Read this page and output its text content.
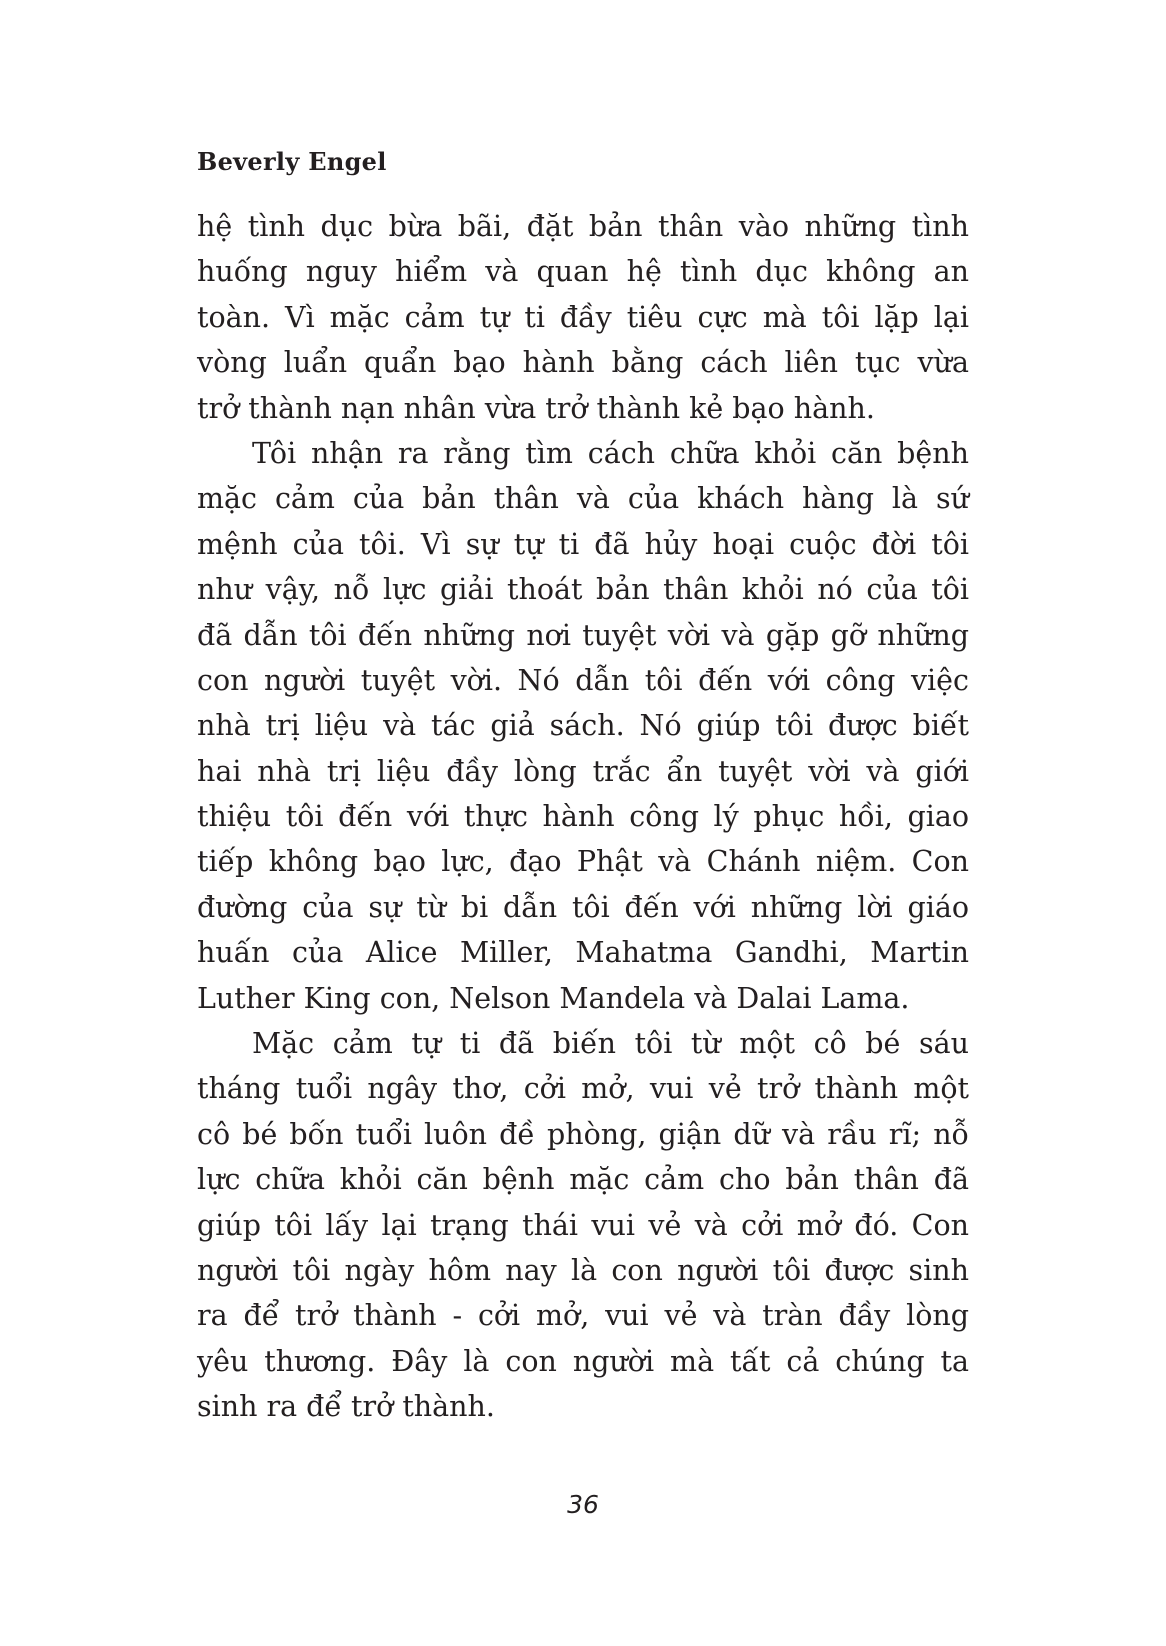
Beverly Engel
hệ tình dục bừa bãi, đặt bản thân vào những tình
huống nguy hiểm và quan hệ tình dục không an
toàn. Vì mặc cảm tự ti đầy tiêu cực mà tôi lặp lại
vòng luẩn quẩn bạo hành bằng cách liên tục vừa
trở thành nạn nhân vừa trở thành kẻ bạo hành.
Tôi nhận ra rằng tìm cách chữa khỏi căn bệnh
mặc cảm của bản thân và của khách hàng là sứ
mệnh của tôi. Vì sự tự ti đã hủy hoại cuộc đời tôi
như vậy, nỗ lực giải thoát bản thân khỏi nó của tôi
đã dẫn tôi đến những nơi tuyệt vời và gặp gỡ những
con người tuyệt vời. Nó dẫn tôi đến với công việc
nhà trị liệu và tác giả sách. Nó giúp tôi được biết
hai nhà trị liệu đầy lòng trắc ẩn tuyệt vời và giới
thiệu tôi đến với thực hành công lý phục hồi, giao
tiếp không bạo lực, đạo Phật và Chánh niệm. Con
đường của sự từ bi dẫn tôi đến với những lời giáo
huấn của Alice Miller, Mahatma Gandhi, Martin
Luther King con, Nelson Mandela và Dalai Lama.
Mặc cảm tự ti đã biến tôi từ một cô bé sáu
tháng tuổi ngây thơ, cởi mở, vui vẻ trở thành một
cô bé bốn tuổi luôn đề phòng, giận dữ và rầu rĩ; nỗ
lực chữa khỏi căn bệnh mặc cảm cho bản thân đã
giúp tôi lấy lại trạng thái vui vẻ và cởi mở đó. Con
người tôi ngày hôm nay là con người tôi được sinh
ra để trở thành - cởi mở, vui vẻ và tràn đầy lòng
yêu thương. Đây là con người mà tất cả chúng ta
sinh ra để trở thành.
36
